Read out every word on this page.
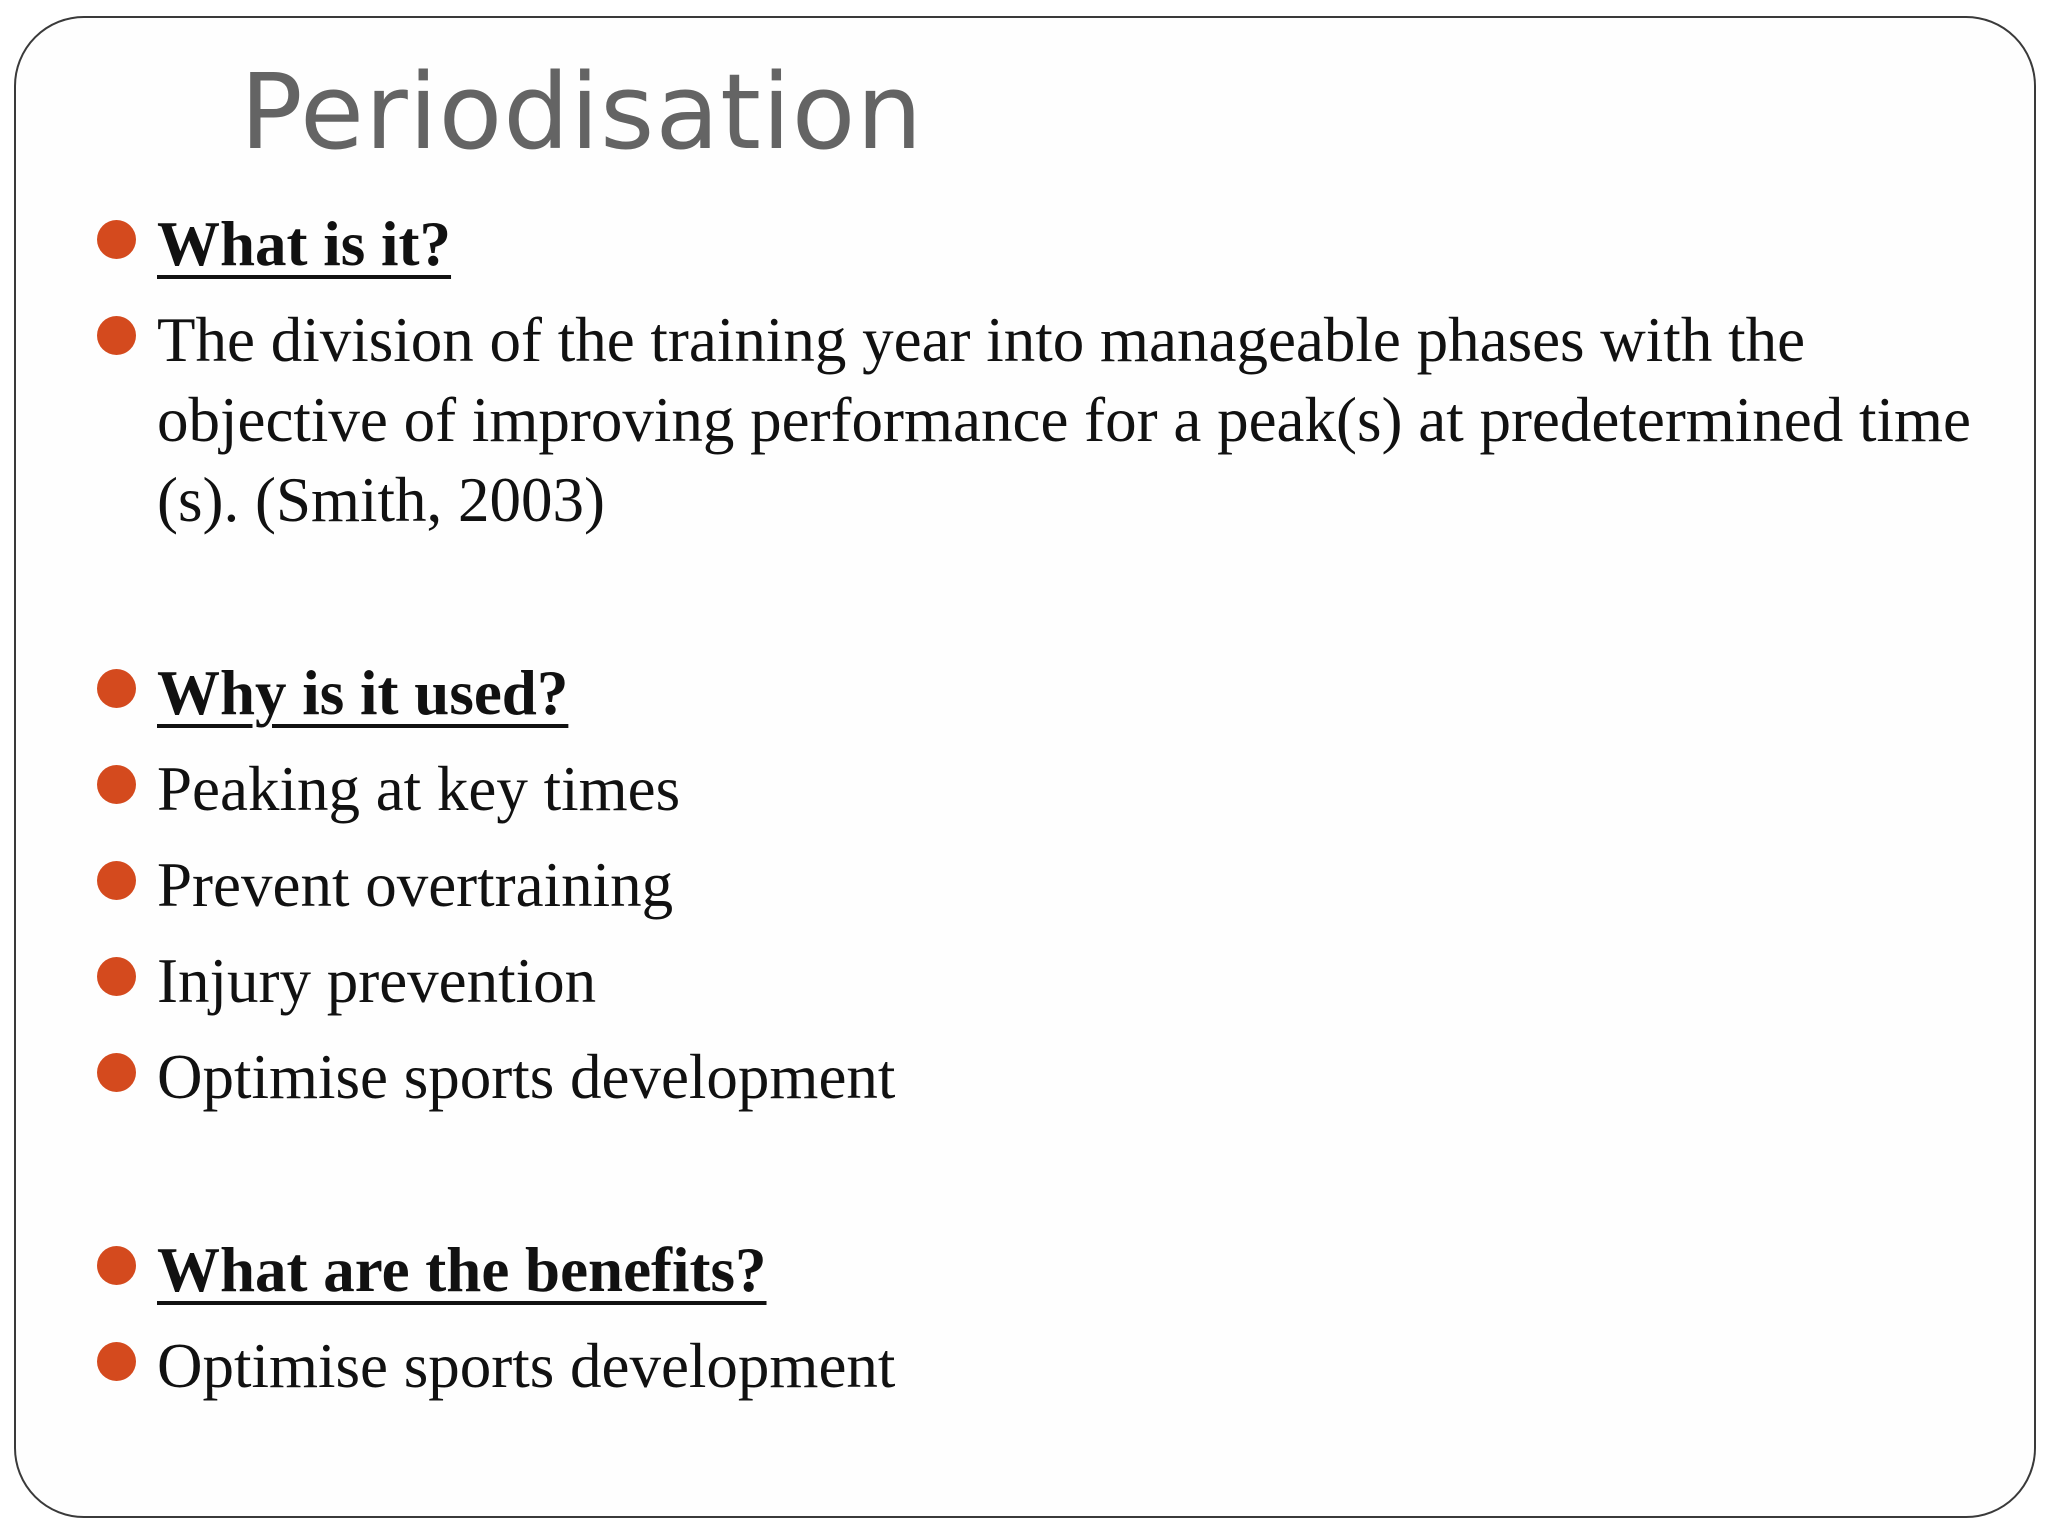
Periodisation
What is it?
The division of the training year into manageable phases with the objective of improving performance for a peak(s) at predetermined time (s). (Smith, 2003)
Why is it used?
Peaking at key times
Prevent overtraining
Injury prevention
Optimise sports development
What are the benefits?
Optimise sports development
